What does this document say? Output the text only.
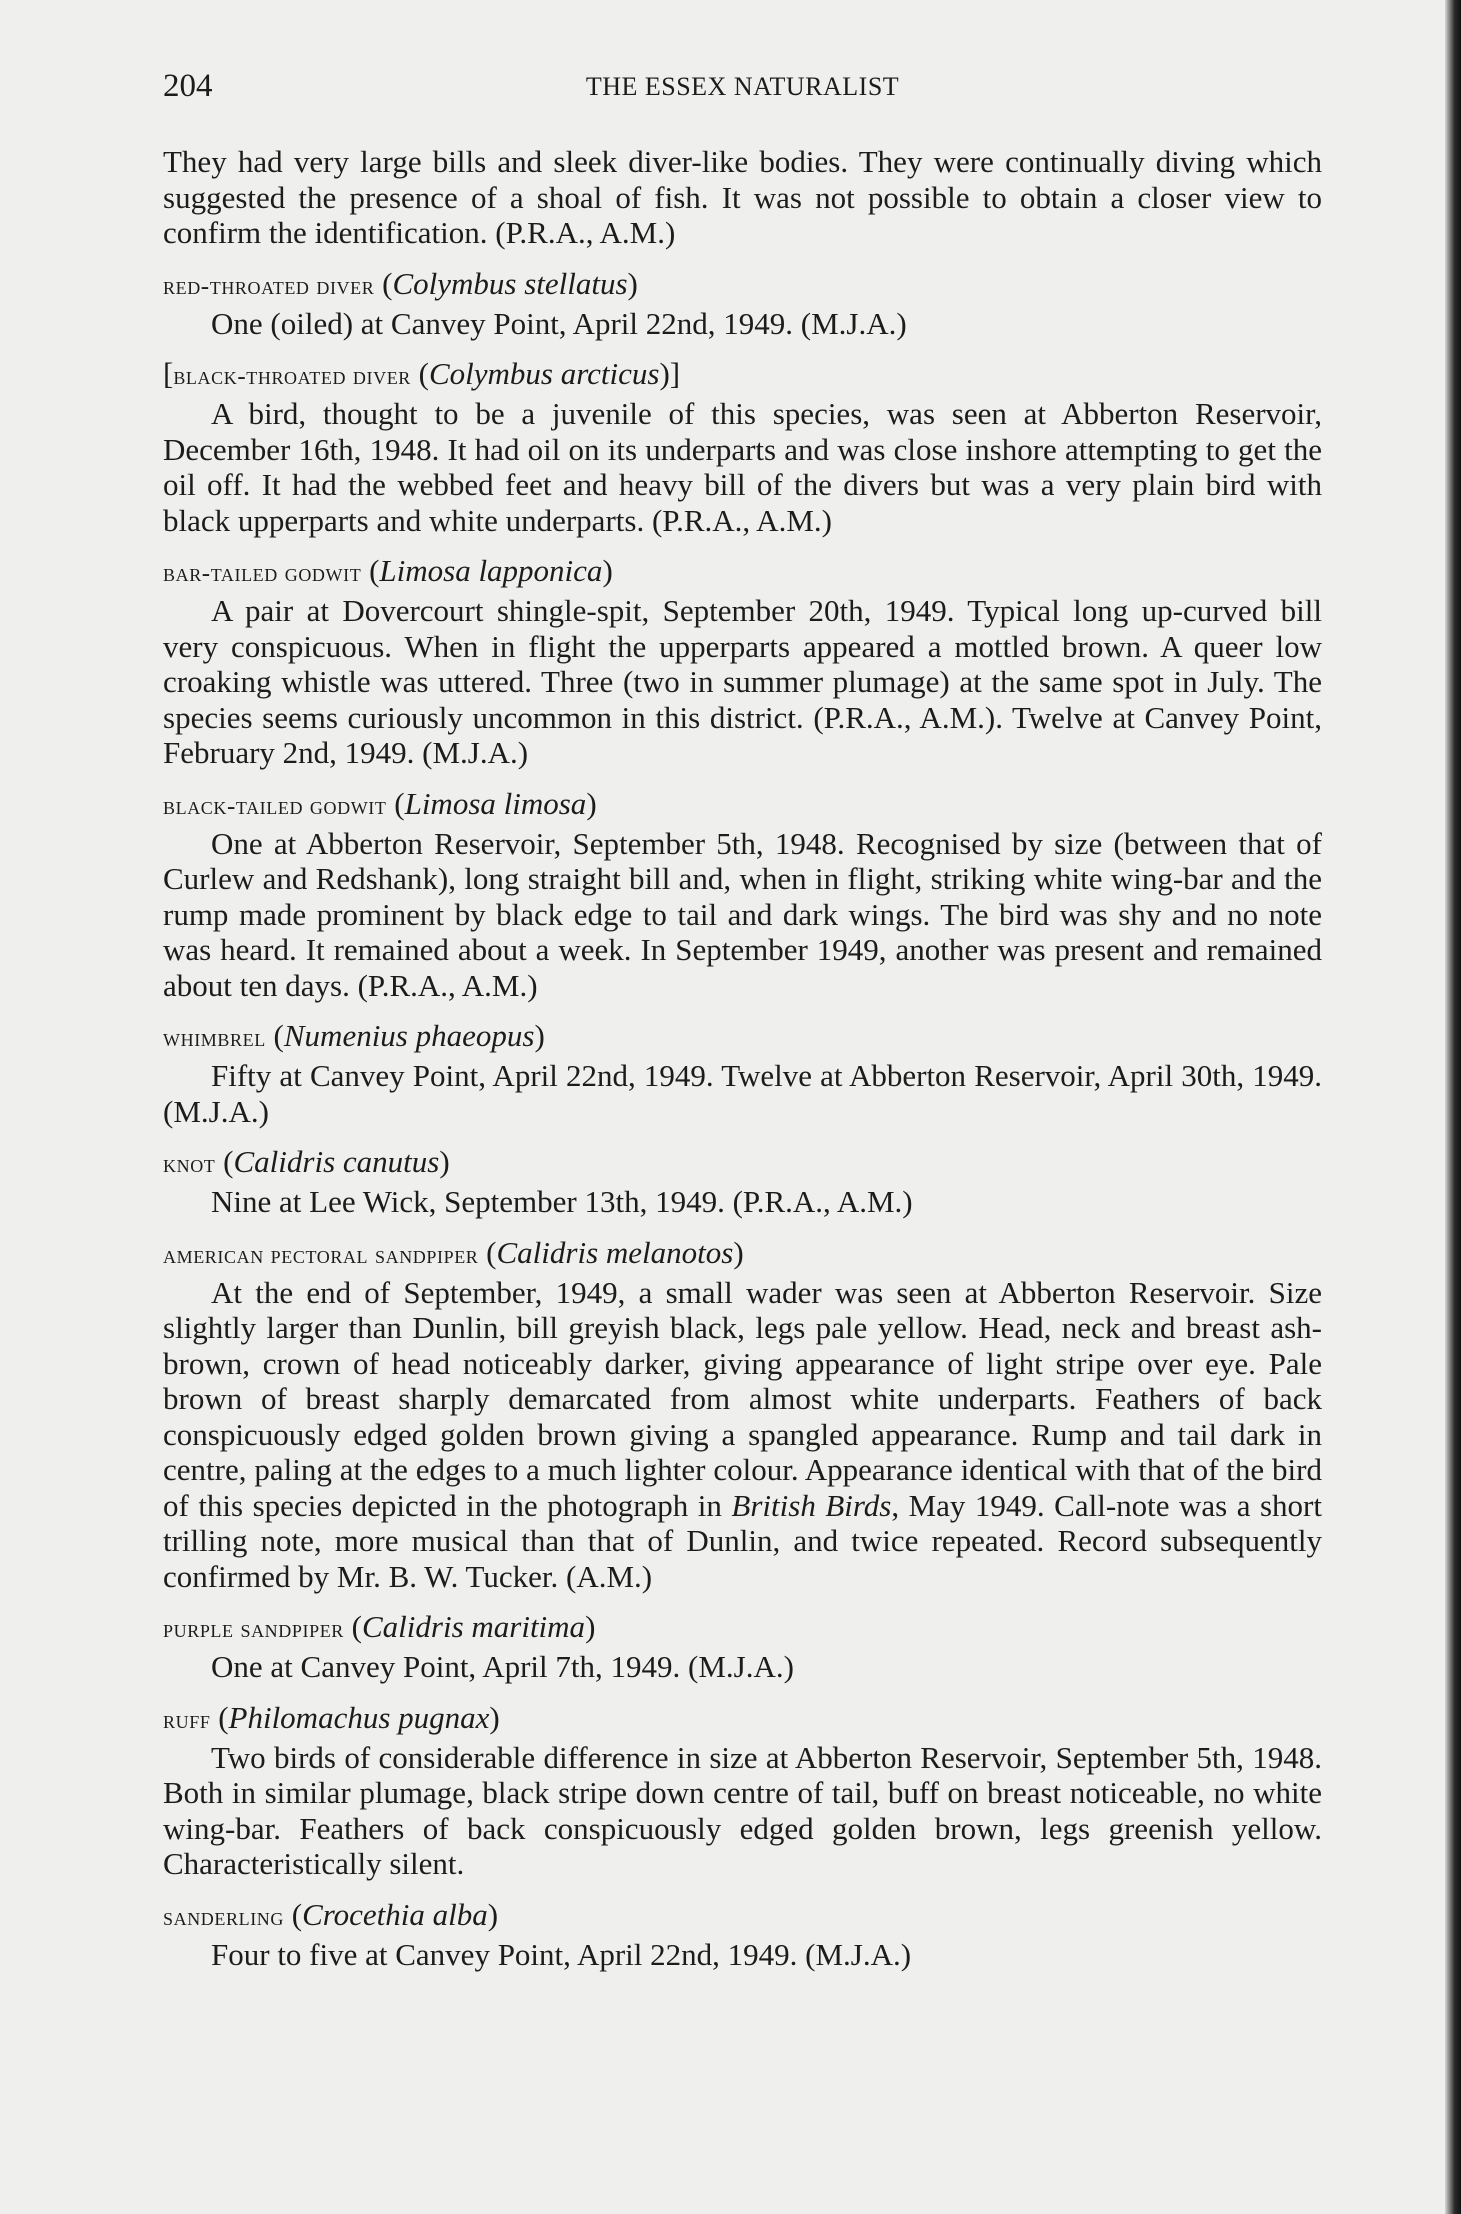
204	THE ESSEX NATURALIST

They had very large bills and sleek diver-like bodies. They were continually diving which suggested the presence of a shoal of fish. It was not possible to obtain a closer view to confirm the identification. (P.R.A., A.M.)

red-throated diver (Colymbus stellatus)

One (oiled) at Canvey Point, April 22nd, 1949. (M.J.A.)

[black-throated diver (Colymbus arcticus)]

A bird, thought to be a juvenile of this species, was seen at Abberton Reservoir, December 16th, 1948. It had oil on its underparts and was close inshore attempting to get the oil off. It had the webbed feet and heavy bill of the divers but was a very plain bird with black upperparts and white underparts. (P.R.A., A.M.)

bar-tailed godwit (Limosa lapponica)

A pair at Dovercourt shingle-spit, September 20th, 1949. Typical long up-curved bill very conspicuous. When in flight the upperparts appeared a mottled brown. A queer low croaking whistle was uttered. Three (two in summer plumage) at the same spot in July. The species seems curiously uncommon in this district. (P.R.A., A.M.). Twelve at Canvey Point, February 2nd, 1949. (M.J.A.)

black-tailed godwit (Limosa limosa)

One at Abberton Reservoir, September 5th, 1948. Recognised by size (between that of Curlew and Redshank), long straight bill and, when in flight, striking white wing-bar and the rump made prominent by black edge to tail and dark wings. The bird was shy and no note was heard. It remained about a week. In September 1949, another was present and remained about ten days. (P.R.A., A.M.)

whimbrel (Numenius phaeopus)

Fifty at Canvey Point, April 22nd, 1949. Twelve at Abberton Reservoir, April 30th, 1949. (M.J.A.)

knot (Calidris canutus)

Nine at Lee Wick, September 13th, 1949. (P.R.A., A.M.)

american pectoral sandpiper (Calidris melanotos)

At the end of September, 1949, a small wader was seen at Abberton Reservoir. Size slightly larger than Dunlin, bill greyish black, legs pale yellow. Head, neck and breast ash-brown, crown of head noticeably darker, giving appearance of light stripe over eye. Pale brown of breast sharply demarcated from almost white underparts. Feathers of back conspicuously edged golden brown giving a spangled appearance. Rump and tail dark in centre, paling at the edges to a much lighter colour. Appearance identical with that of the bird of this species depicted in the photograph in British Birds, May 1949. Call-note was a short trilling note, more musical than that of Dunlin, and twice repeated. Record subsequently confirmed by Mr. B. W. Tucker. (A.M.)

purple sandpiper (Calidris maritima)

One at Canvey Point, April 7th, 1949. (M.J.A.)

ruff (Philomachus pugnax)

Two birds of considerable difference in size at Abberton Reservoir, September 5th, 1948. Both in similar plumage, black stripe down centre of tail, buff on breast noticeable, no white wing-bar. Feathers of back conspicuously edged golden brown, legs greenish yellow. Characteristically silent.

sanderling (Crocethia alba)

Four to five at Canvey Point, April 22nd, 1949. (M.J.A.)
